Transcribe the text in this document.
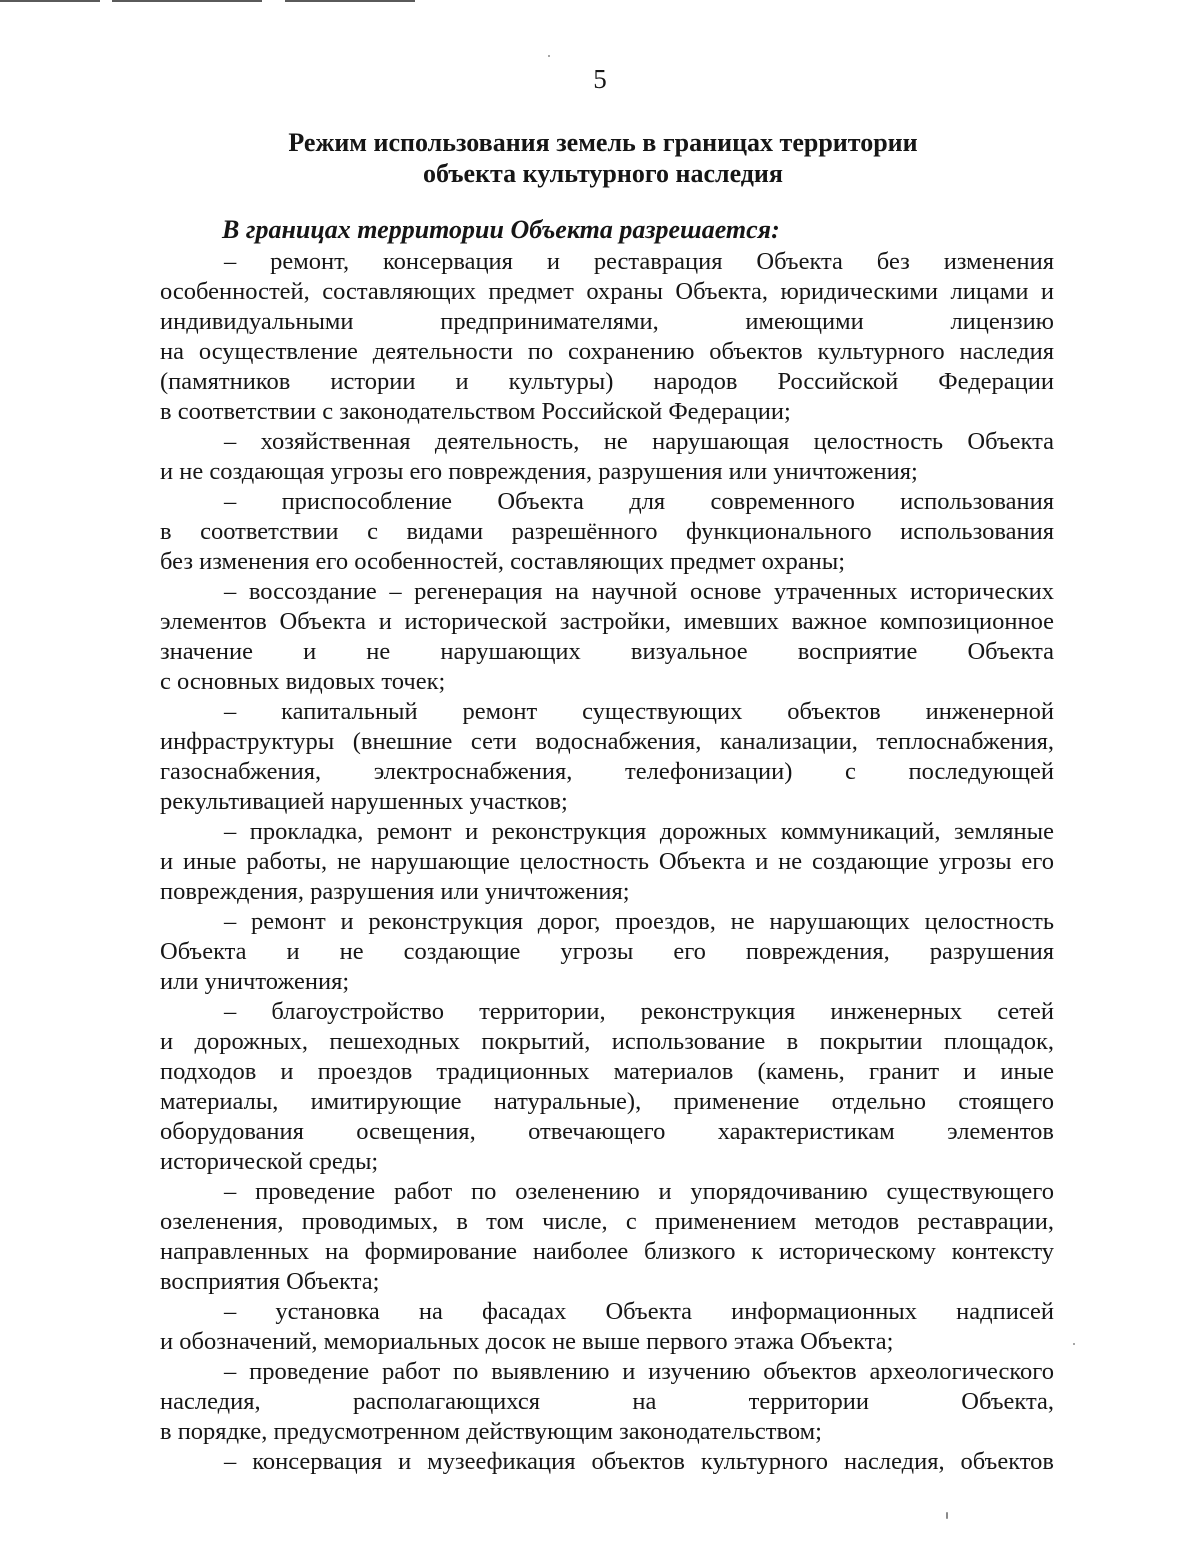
5
Режим использования земель в границах территории
объекта культурного наследия

В границах территории Объекта разрешается:

– ремонт, консервация и реставрация Объекта без изменения
особенностей, составляющих предмет охраны Объекта, юридическими лицами и
индивидуальными предпринимателями, имеющими лицензию
на осуществление деятельности по сохранению объектов культурного наследия
(памятников истории и культуры) народов Российской Федерации
в соответствии с законодательством Российской Федерации;
– хозяйственная деятельность, не нарушающая целостность Объекта
и не создающая угрозы его повреждения, разрушения или уничтожения;
– приспособление Объекта для современного использования
в соответствии с видами разрешённого функционального использования
без изменения его особенностей, составляющих предмет охраны;
– воссоздание – регенерация на научной основе утраченных исторических
элементов Объекта и исторической застройки, имевших важное композиционное
значение и не нарушающих визуальное восприятие Объекта
с основных видовых точек;
– капитальный ремонт существующих объектов инженерной
инфраструктуры (внешние сети водоснабжения, канализации, теплоснабжения,
газоснабжения, электроснабжения, телефонизации) с последующей
рекультивацией нарушенных участков;
– прокладка, ремонт и реконструкция дорожных коммуникаций, земляные
и иные работы, не нарушающие целостность Объекта и не создающие угрозы его
повреждения, разрушения или уничтожения;
– ремонт и реконструкция дорог, проездов, не нарушающих целостность
Объекта и не создающие угрозы его повреждения, разрушения
или уничтожения;
– благоустройство территории, реконструкция инженерных сетей
и дорожных, пешеходных покрытий, использование в покрытии площадок,
подходов и проездов традиционных материалов (камень, гранит и иные
материалы, имитирующие натуральные), применение отдельно стоящего
оборудования освещения, отвечающего характеристикам элементов
исторической среды;
– проведение работ по озеленению и упорядочиванию существующего
озеленения, проводимых, в том числе, с применением методов реставрации,
направленных на формирование наиболее близкого к историческому контексту
восприятия Объекта;
– установка на фасадах Объекта информационных надписей
и обозначений, мемориальных досок не выше первого этажа Объекта;
– проведение работ по выявлению и изучению объектов археологического
наследия, располагающихся на территории Объекта,
в порядке, предусмотренном действующим законодательством;
– консервация и музеефикация объектов культурного наследия, объектов
